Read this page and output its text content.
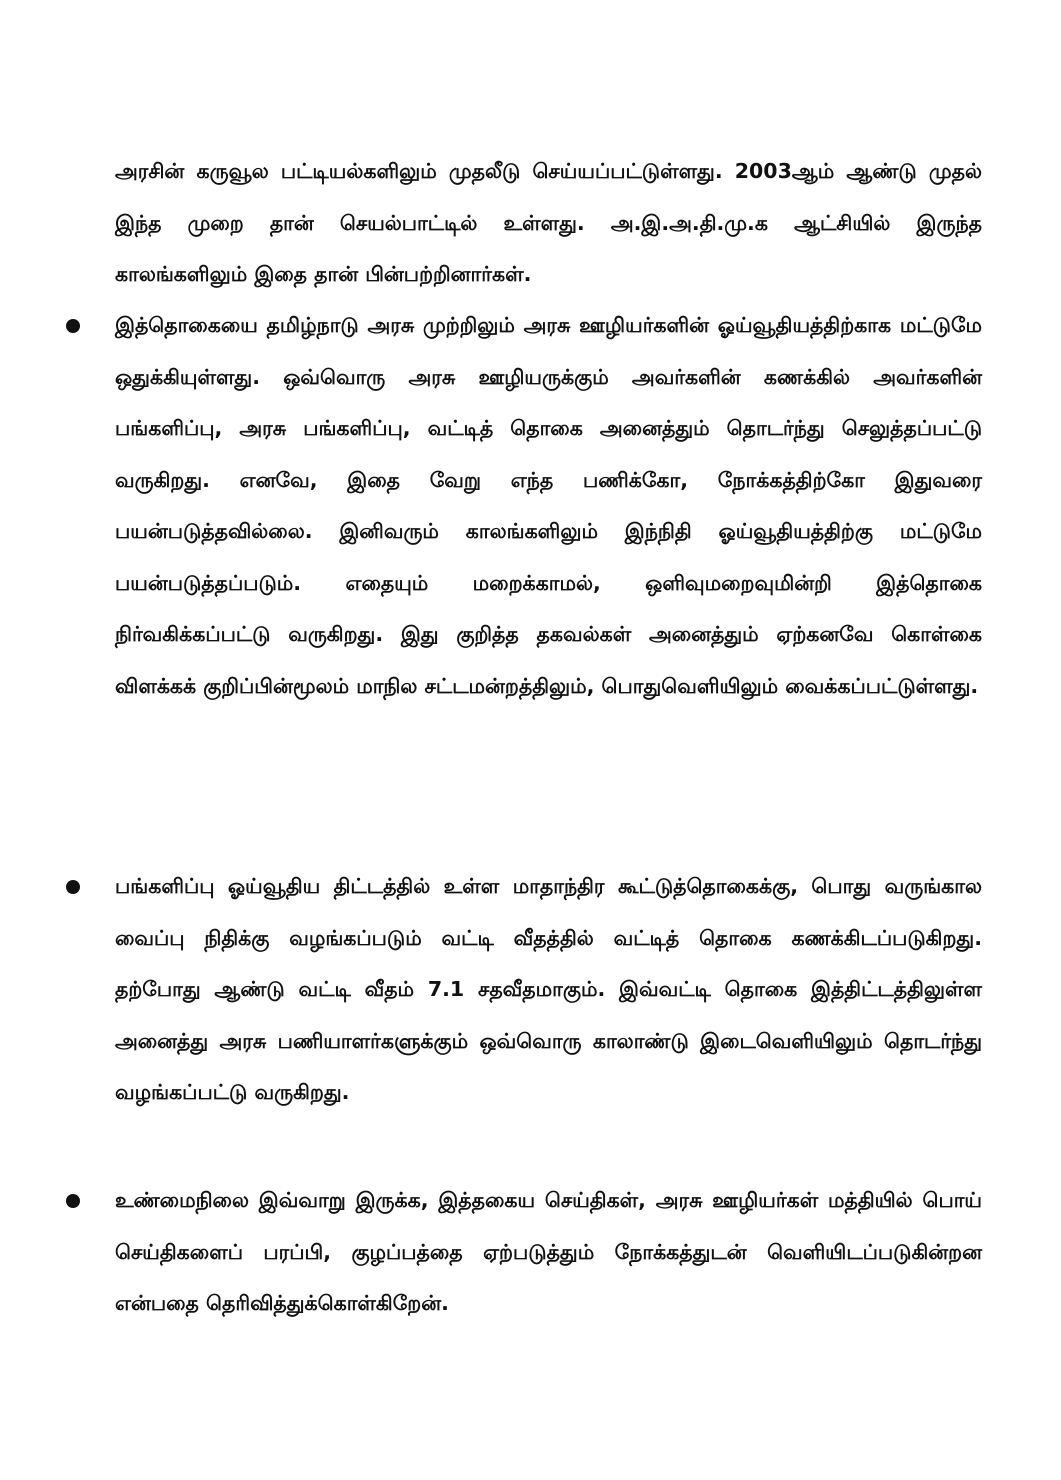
அரசின் கருவூல பட்டியல்களிலும் முதலீடு செய்யப்பட்டுள்ளது. 2003ஆம் ஆண்டு முதல் இந்த முறை தான் செயல்பாட்டில் உள்ளது. அ.இ.அ.தி.மு.க ஆட்சியில் இருந்த காலங்களிலும் இதை தான் பின்பற்றினார்கள்.

இத்தொகையை தமிழ்நாடு அரசு முற்றிலும் அரசு ஊழியர்களின் ஓய்வூதியத்திற்காக மட்டுமே ஒதுக்கியுள்ளது. ஒவ்வொரு அரசு ஊழியருக்கும் அவர்களின் கணக்கில் அவர்களின் பங்களிப்பு, அரசு பங்களிப்பு, வட்டித் தொகை அனைத்தும் தொடர்ந்து செலுத்தப்பட்டு வருகிறது. எனவே, இதை வேறு எந்த பணிக்கோ, நோக்கத்திற்கோ இதுவரை பயன்படுத்தவில்லை. இனிவரும் காலங்களிலும் இந்நிதி ஓய்வூதியத்திற்கு மட்டுமே பயன்படுத்தப்படும். எதையும் மறைக்காமல், ஒளிவுமறைவுமின்றி இத்தொகை நிர்வகிக்கப்பட்டு வருகிறது. இது குறித்த தகவல்கள் அனைத்தும் ஏற்கனவே கொள்கை விளக்கக் குறிப்பின்மூலம் மாநில சட்டமன்றத்திலும், பொதுவெளியிலும் வைக்கப்பட்டுள்ளது.

பங்களிப்பு ஓய்வூதிய திட்டத்தில் உள்ள மாதாந்திர கூட்டுத்தொகைக்கு, பொது வருங்கால வைப்பு நிதிக்கு வழங்கப்படும் வட்டி வீதத்தில் வட்டித் தொகை கணக்கிடப்படுகிறது. தற்போது ஆண்டு வட்டி வீதம் 7.1 சதவீதமாகும். இவ்வட்டி தொகை இத்திட்டத்திலுள்ள அனைத்து அரசு பணியாளர்களுக்கும் ஒவ்வொரு காலாண்டு இடைவெளியிலும் தொடர்ந்து வழங்கப்பட்டு வருகிறது.

உண்மைநிலை இவ்வாறு இருக்க, இத்தகைய செய்திகள், அரசு ஊழியர்கள் மத்தியில் பொய் செய்திகளைப் பரப்பி, குழப்பத்தை ஏற்படுத்தும் நோக்கத்துடன் வெளியிடப்படுகின்றன என்பதை தெரிவித்துக்கொள்கிறேன்.
